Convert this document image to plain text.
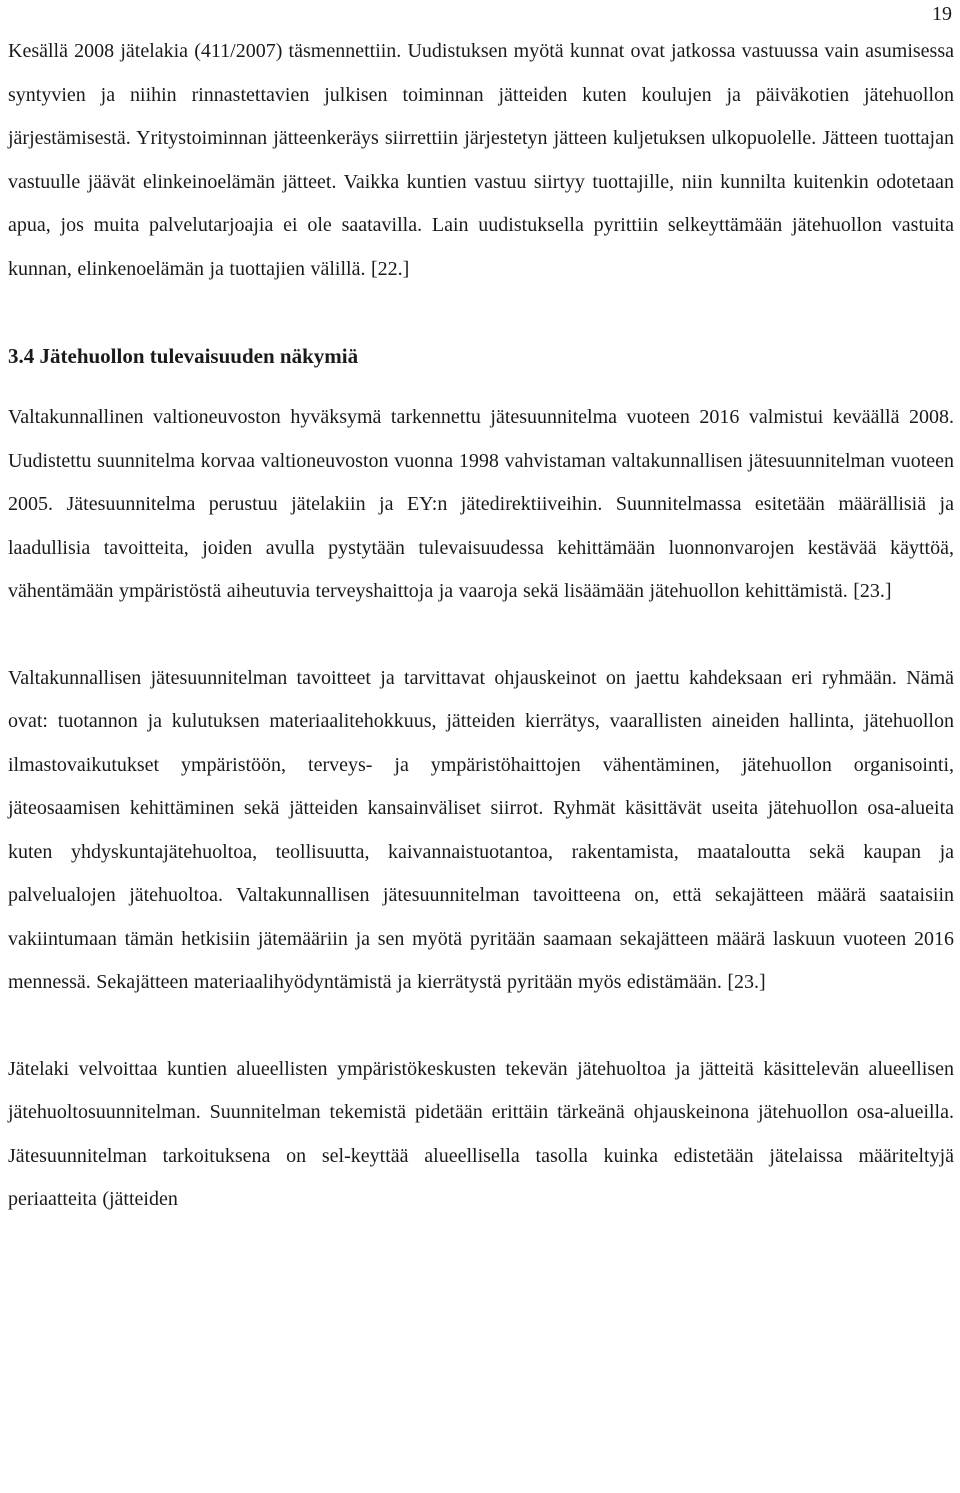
19

Kesällä 2008 jätelakia (411/2007) täsmennettiin. Uudistuksen myötä kunnat ovat jatkossa vastuussa vain asumisessa syntyvien ja niihin rinnastettavien julkisen toiminnan jätteiden kuten koulujen ja päiväkotien jätehuollon järjestämisestä. Yritystoiminnan jätteenkeräys siirrettiin järjestetyn jätteen kuljetuksen ulkopuolelle. Jätteen tuottajan vastuulle jäävät elinkeinoelämän jätteet. Vaikka kuntien vastuu siirtyy tuottajille, niin kunnilta kuitenkin odotetaan apua, jos muita palvelutarjoajia ei ole saatavilla. Lain uudistuksella pyrittiin selkeyttämään jätehuollon vastuita kunnan, elinkenoelämän ja tuottajien välillä. [22.]

3.4 Jätehuollon tulevaisuuden näkymiä

Valtakunnallinen valtioneuvoston hyväksymä tarkennettu jätesuunnitelma vuoteen 2016 valmistui keväällä 2008. Uudistettu suunnitelma korvaa valtioneuvoston vuonna 1998 vahvistaman valtakunnallisen jätesuunnitelman vuoteen 2005. Jätesuunnitelma perustuu jätelakiin ja EY:n jätedirektiiveihin. Suunnitelmassa esitetään määrällisiä ja laadullisia tavoitteita, joiden avulla pystytään tulevaisuudessa kehittämään luonnonvarojen kestävää käyttöä, vähentämään ympäristöstä aiheutuvia terveyshaittoja ja vaaroja sekä lisäämään jätehuollon kehittämistä. [23.]

Valtakunnallisen jätesuunnitelman tavoitteet ja tarvittavat ohjauskeinot on jaettu kahdeksaan eri ryhmään. Nämä ovat: tuotannon ja kulutuksen materiaalitehokkuus, jätteiden kierrätys, vaarallisten aineiden hallinta, jätehuollon ilmastovaikutukset ympäristöön, terveys- ja ympäristöhaittojen vähentäminen, jätehuollon organisointi, jäteosaamisen kehittäminen sekä jätteiden kansainväliset siirrot. Ryhmät käsittävät useita jätehuollon osa-alueita kuten yhdyskuntajätehuoltoa, teollisuutta, kaivannaistuotantoa, rakentamista, maataloutta sekä kaupan ja palvelualojen jätehuoltoa. Valtakunnallisen jätesuunnitelman tavoitteena on, että sekajätteen määrä saataisiin vakiintumaan tämän hetkisiin jätemääriin ja sen myötä pyritään saamaan sekajätteen määrä laskuun vuoteen 2016 mennessä. Sekajätteen materiaalihyödyntämistä ja kierrätystä pyritään myös edistämään. [23.]

Jätelaki velvoittaa kuntien alueellisten ympäristökeskusten tekevän jätehuoltoa ja jätteitä käsittelevän alueellisen jätehuoltosuunnitelman. Suunnitelman tekemistä pidetään erittäin tärkeänä ohjauskeinona jätehuollon osa-alueilla. Jätesuunnitelman tarkoituksena on sel-keyttää alueellisella tasolla kuinka edistetään jätelaissa määriteltyjä periaatteita (jätteiden
